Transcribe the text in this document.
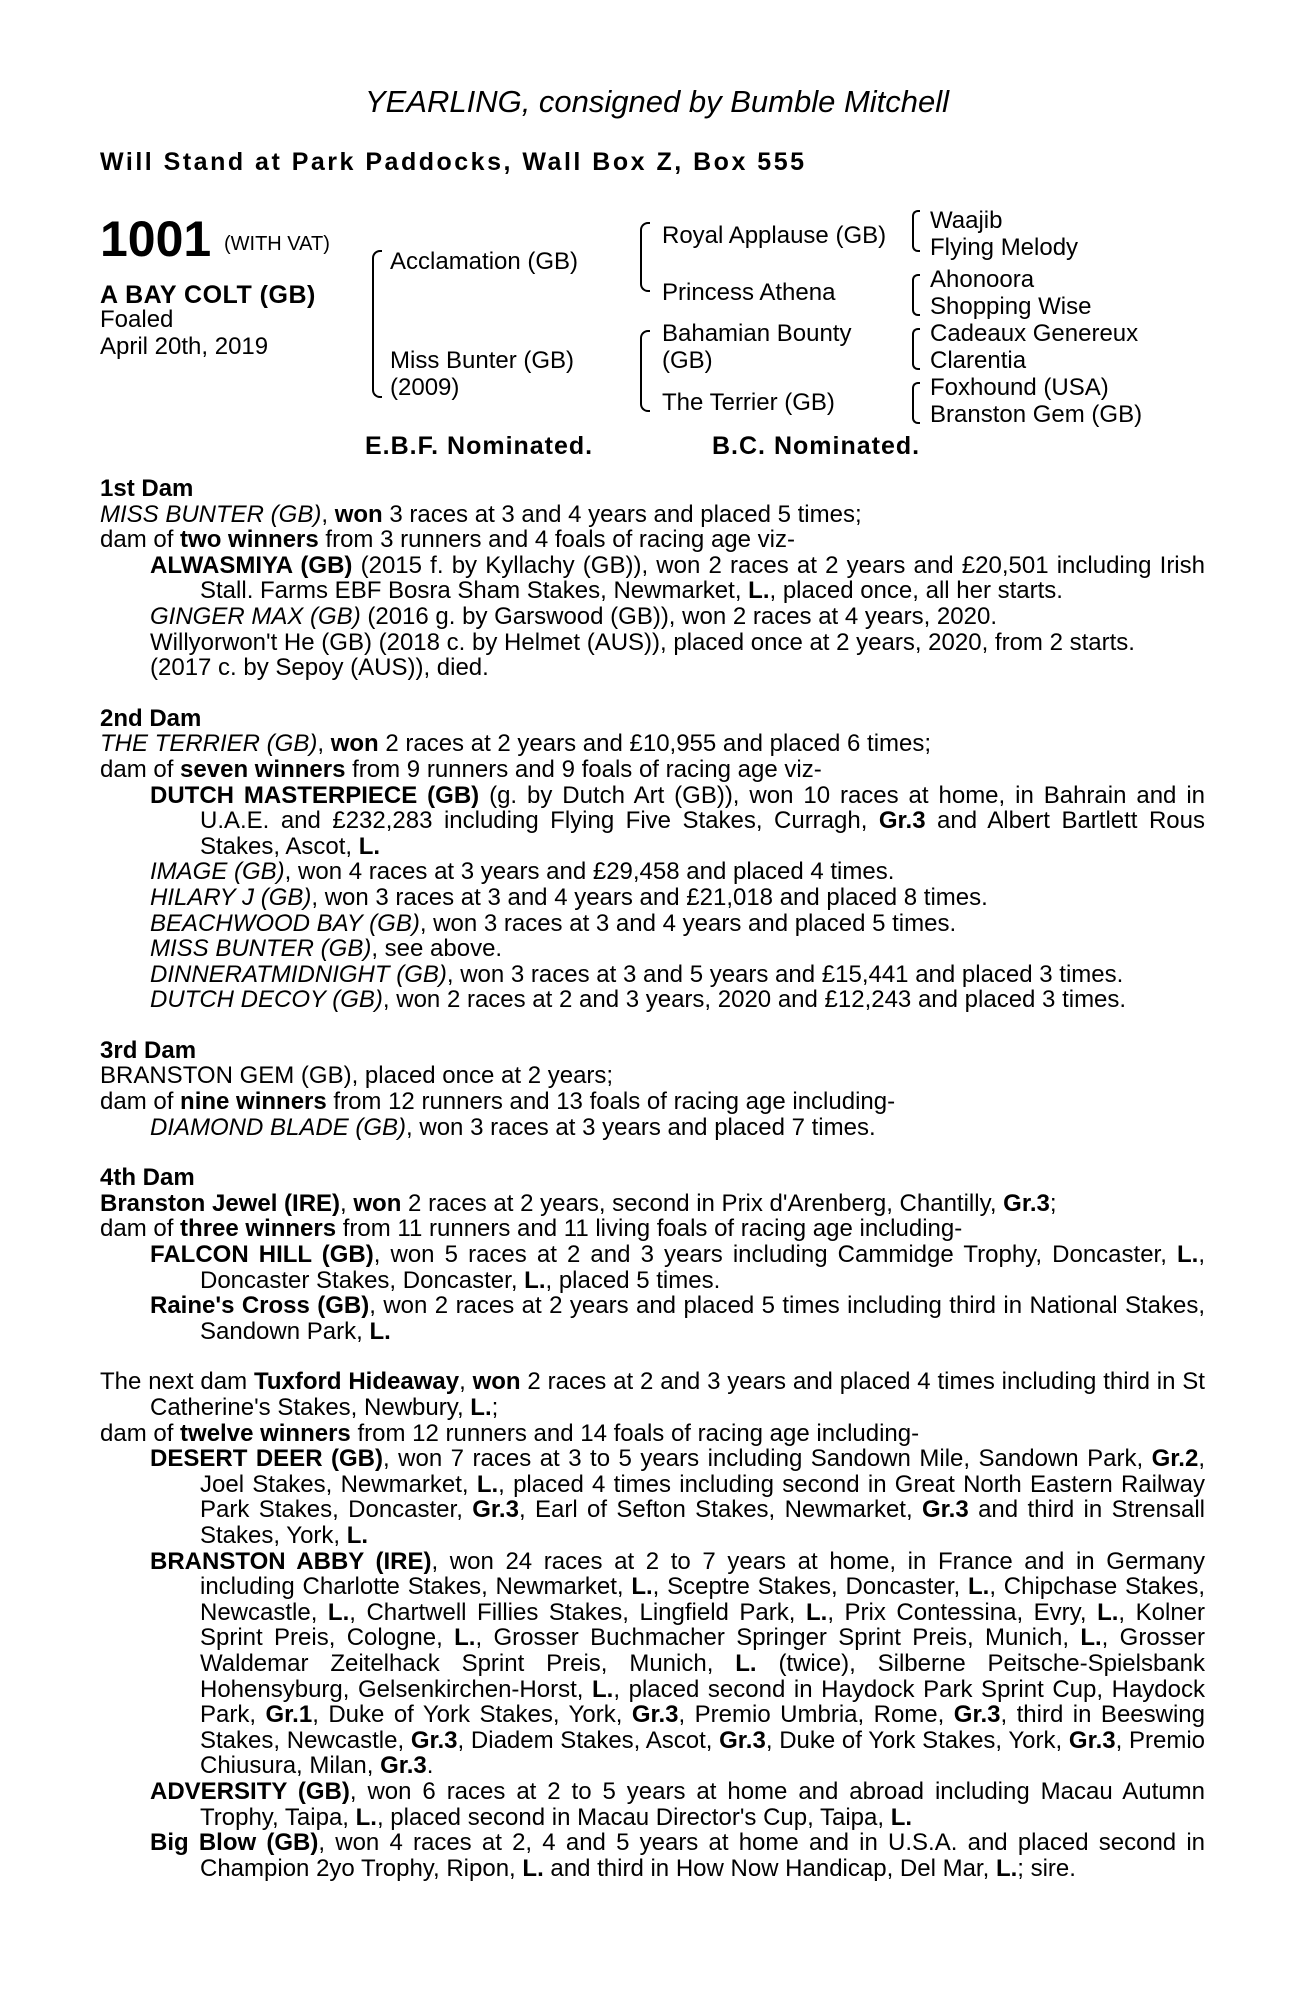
YEARLING, consigned by Bumble Mitchell
Will Stand at Park Paddocks, Wall Box Z, Box 555
1001 (WITH VAT)
A BAY COLT (GB)
Foaled
April 20th, 2019
Acclamation (GB)
Miss Bunter (GB)
(2009)
Royal Applause (GB)
Princess Athena
Bahamian Bounty
(GB)
The Terrier (GB)
Waajib
Flying Melody
Ahonoora
Shopping Wise
Cadeaux Genereux
Clarentia
Foxhound (USA)
Branston Gem (GB)
E.B.F. Nominated.	B.C. Nominated.
1st Dam
MISS BUNTER (GB), won 3 races at 3 and 4 years and placed 5 times;
dam of two winners from 3 runners and 4 foals of racing age viz-
ALWASMIYA (GB) (2015 f. by Kyllachy (GB)), won 2 races at 2 years and £20,501 including Irish Stall. Farms EBF Bosra Sham Stakes, Newmarket, L., placed once, all her starts.
GINGER MAX (GB) (2016 g. by Garswood (GB)), won 2 races at 4 years, 2020.
Willyorwon't He (GB) (2018 c. by Helmet (AUS)), placed once at 2 years, 2020, from 2 starts.
(2017 c. by Sepoy (AUS)), died.
2nd Dam
THE TERRIER (GB), won 2 races at 2 years and £10,955 and placed 6 times;
dam of seven winners from 9 runners and 9 foals of racing age viz-
DUTCH MASTERPIECE (GB) (g. by Dutch Art (GB)), won 10 races at home, in Bahrain and in U.A.E. and £232,283 including Flying Five Stakes, Curragh, Gr.3 and Albert Bartlett Rous Stakes, Ascot, L.
IMAGE (GB), won 4 races at 3 years and £29,458 and placed 4 times.
HILARY J (GB), won 3 races at 3 and 4 years and £21,018 and placed 8 times.
BEACHWOOD BAY (GB), won 3 races at 3 and 4 years and placed 5 times.
MISS BUNTER (GB), see above.
DINNERATMIDNIGHT (GB), won 3 races at 3 and 5 years and £15,441 and placed 3 times.
DUTCH DECOY (GB), won 2 races at 2 and 3 years, 2020 and £12,243 and placed 3 times.
3rd Dam
BRANSTON GEM (GB), placed once at 2 years;
dam of nine winners from 12 runners and 13 foals of racing age including-
DIAMOND BLADE (GB), won 3 races at 3 years and placed 7 times.
4th Dam
Branston Jewel (IRE), won 2 races at 2 years, second in Prix d'Arenberg, Chantilly, Gr.3;
dam of three winners from 11 runners and 11 living foals of racing age including-
FALCON HILL (GB), won 5 races at 2 and 3 years including Cammidge Trophy, Doncaster, L., Doncaster Stakes, Doncaster, L., placed 5 times.
Raine's Cross (GB), won 2 races at 2 years and placed 5 times including third in National Stakes, Sandown Park, L.
The next dam Tuxford Hideaway, won 2 races at 2 and 3 years and placed 4 times including third in St Catherine's Stakes, Newbury, L.;
dam of twelve winners from 12 runners and 14 foals of racing age including-
DESERT DEER (GB), won 7 races at 3 to 5 years including Sandown Mile, Sandown Park, Gr.2, Joel Stakes, Newmarket, L., placed 4 times including second in Great North Eastern Railway Park Stakes, Doncaster, Gr.3, Earl of Sefton Stakes, Newmarket, Gr.3 and third in Strensall Stakes, York, L.
BRANSTON ABBY (IRE), won 24 races at 2 to 7 years at home, in France and in Germany including Charlotte Stakes, Newmarket, L., Sceptre Stakes, Doncaster, L., Chipchase Stakes, Newcastle, L., Chartwell Fillies Stakes, Lingfield Park, L., Prix Contessina, Evry, L., Kolner Sprint Preis, Cologne, L., Grosser Buchmacher Springer Sprint Preis, Munich, L., Grosser Waldemar Zeitelhack Sprint Preis, Munich, L. (twice), Silberne Peitsche-Spielsbank Hohensyburg, Gelsenkirchen-Horst, L., placed second in Haydock Park Sprint Cup, Haydock Park, Gr.1, Duke of York Stakes, York, Gr.3, Premio Umbria, Rome, Gr.3, third in Beeswing Stakes, Newcastle, Gr.3, Diadem Stakes, Ascot, Gr.3, Duke of York Stakes, York, Gr.3, Premio Chiusura, Milan, Gr.3.
ADVERSITY (GB), won 6 races at 2 to 5 years at home and abroad including Macau Autumn Trophy, Taipa, L., placed second in Macau Director's Cup, Taipa, L.
Big Blow (GB), won 4 races at 2, 4 and 5 years at home and in U.S.A. and placed second in Champion 2yo Trophy, Ripon, L. and third in How Now Handicap, Del Mar, L.; sire.
